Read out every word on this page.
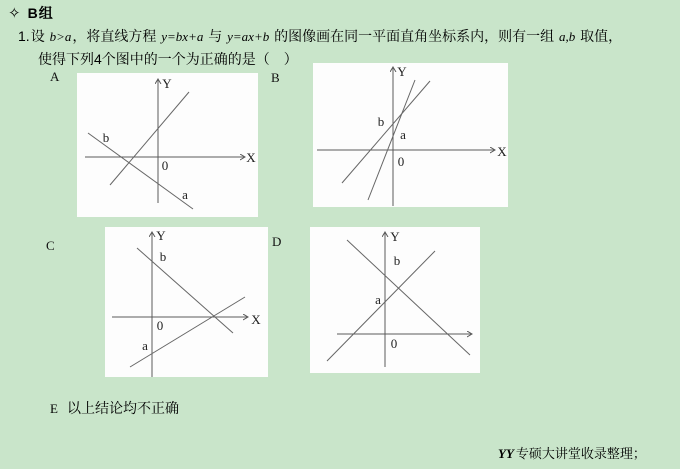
✧ B组
1.设 b>a，将直线方程 y=bx+a 与 y=ax+b 的图像画在同一平面直角坐标系内，则有一组 a,b 取值，
使得下列4个图中的一个为正确的是（　）
A	Y
X
0
b
a
B	Y
X
0
b
a
C
Y
X
0
b
a
D	Y
0
b
a
E 以上结论均不正确
YY 专硕大讲堂收录整理；
